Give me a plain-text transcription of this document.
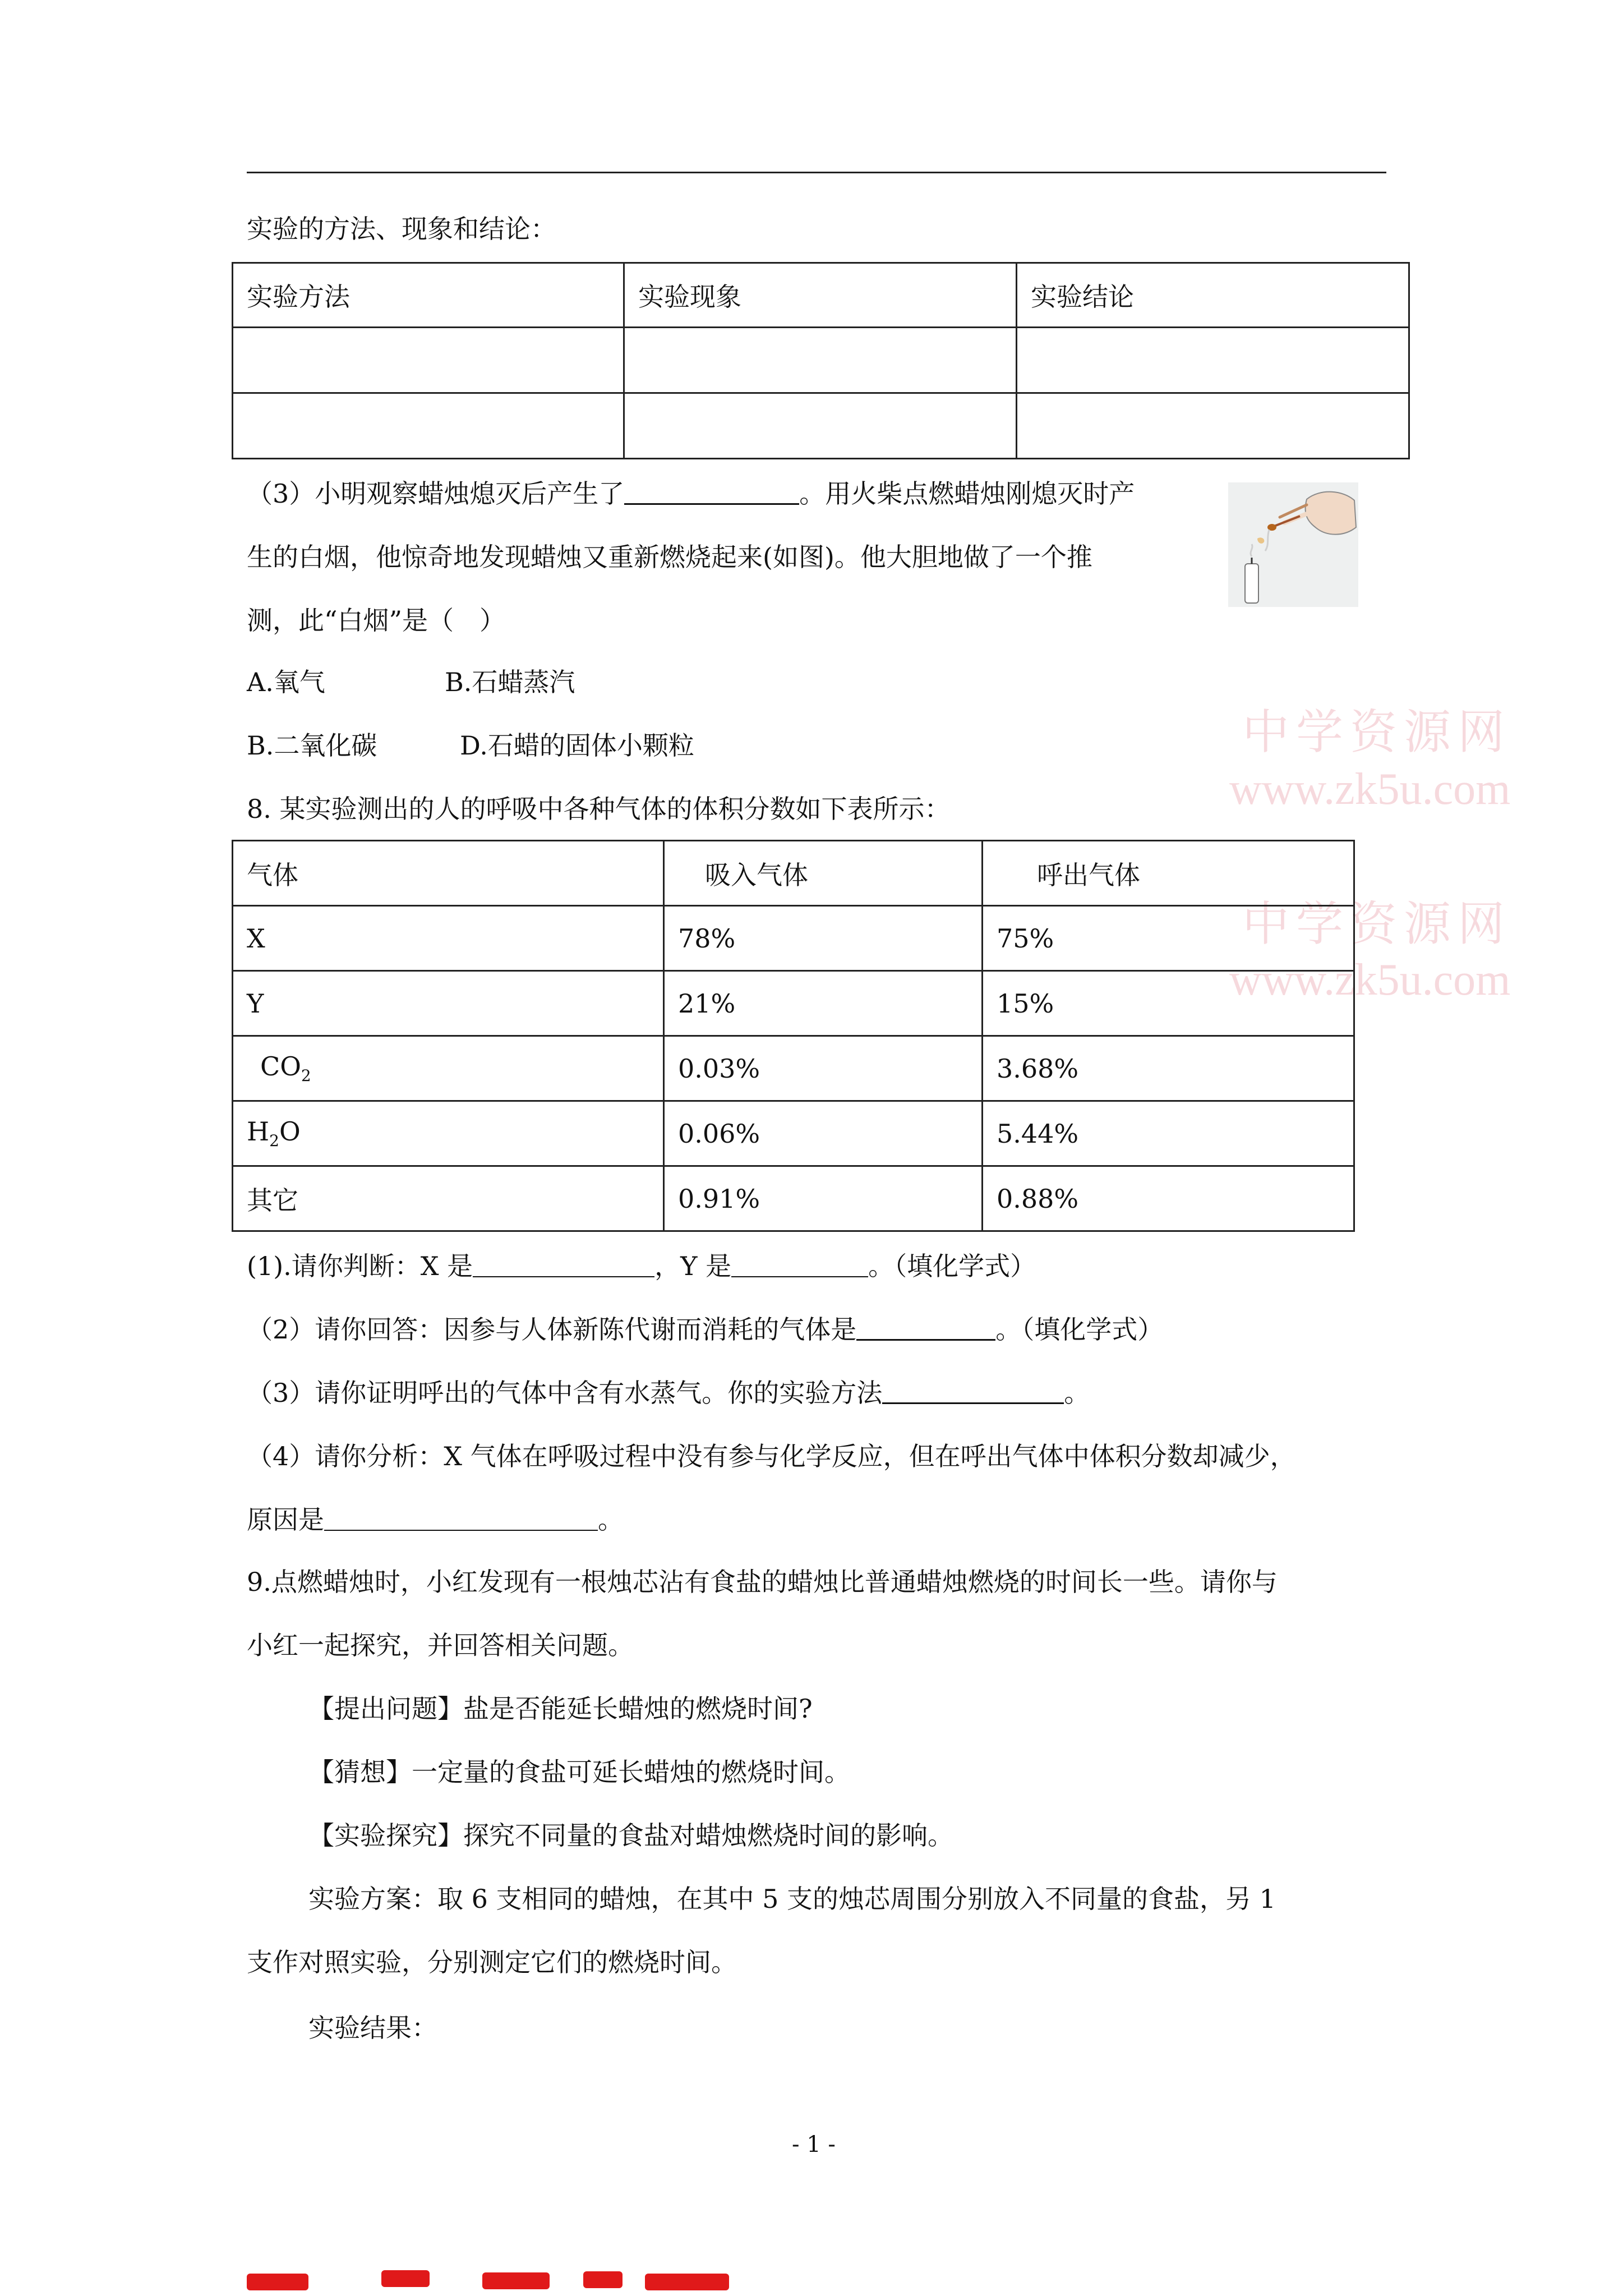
实验的方法、现象和结论：
实验方法	实验现象	实验结论

（3）小明观察蜡烛熄灭后产生了	。用火柴点燃蜡烛刚熄灭时产
生的白烟，他惊奇地发现蜡烛又重新燃烧起来(如图)。他大胆地做了一个推
测，此“白烟”是（　）
A.氧气	B.石蜡蒸汽
B.二氧化碳	D.石蜡的固体小颗粒	中学资源网
www.zk5u.com
中学资源网
www.zk5u.com
8. 某实验测出的人的呼吸中各种气体的体积分数如下表所示：
气体	吸入气体	呼出气体
X	78%	75%
Y	21%	15%
$CO_2$	0.03%	3.68%
$H_2O$	0.06%	5.44%
其它	0.91%	0.88%
(1).请你判断：X 是	，Y 是	。（填化学式）
（2）请你回答：因参与人体新陈代谢而消耗的气体是	。（填化学式）
（3）请你证明呼出的气体中含有水蒸气。你的实验方法	。
（4）请你分析：X 气体在呼吸过程中没有参与化学反应，但在呼出气体中体积分数却减少，
原因是	。
9.点燃蜡烛时，小红发现有一根烛芯沾有食盐的蜡烛比普通蜡烛燃烧的时间长一些。请你与
小红一起探究，并回答相关问题。
【提出问题】盐是否能延长蜡烛的燃烧时间?
【猜想】一定量的食盐可延长蜡烛的燃烧时间。
【实验探究】探究不同量的食盐对蜡烛燃烧时间的影响。
实验方案：取 6 支相同的蜡烛，在其中 5 支的烛芯周围分别放入不同量的食盐，另 1
支作对照实验，分别测定它们的燃烧时间。
实验结果：
- 1 -
